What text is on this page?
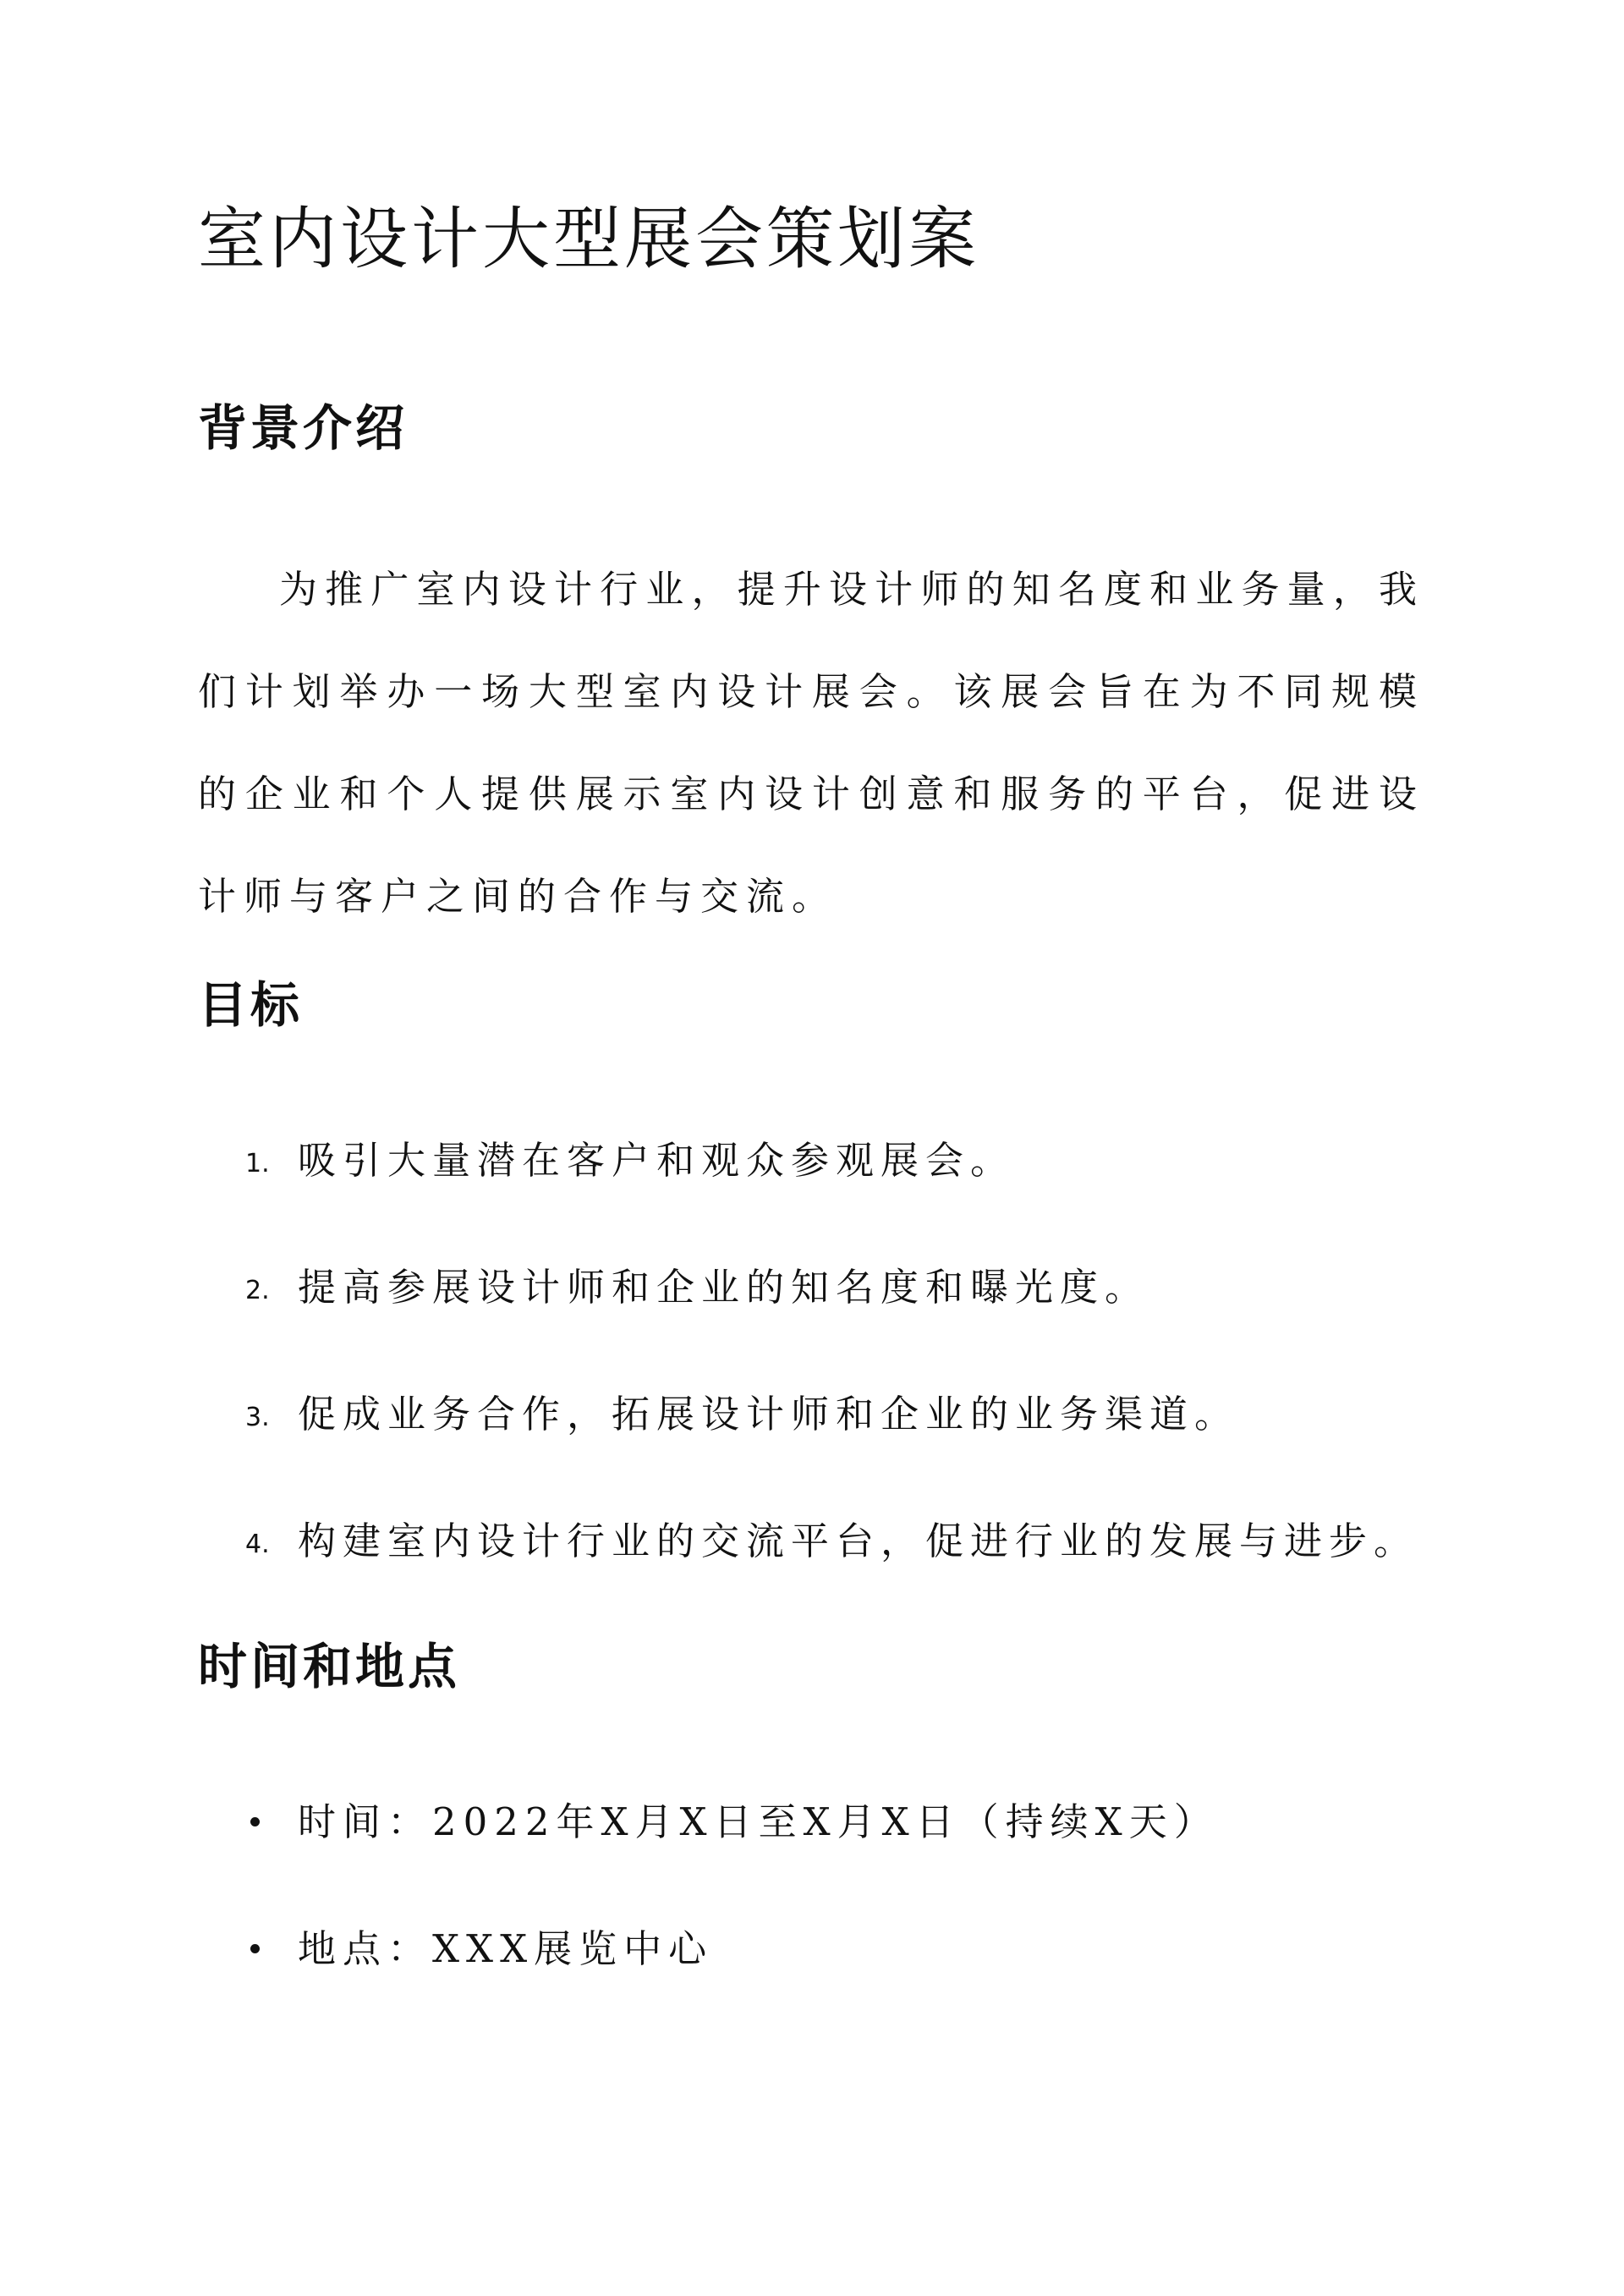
室内设计大型展会策划案
背景介绍

为推广室内设计行业，提升设计师的知名度和业务量，我们计划举办一场大型室内设计展会。该展会旨在为不同规模的企业和个人提供展示室内设计创意和服务的平台，促进设计师与客户之间的合作与交流。

目标
1. 吸引大量潜在客户和观众参观展会。
2. 提高参展设计师和企业的知名度和曝光度。
3. 促成业务合作，拓展设计师和企业的业务渠道。
4. 构建室内设计行业的交流平台，促进行业的发展与进步。
时间和地点
时间：2022年X月X日至X月X日（持续X天）
地点：XXX展览中心
